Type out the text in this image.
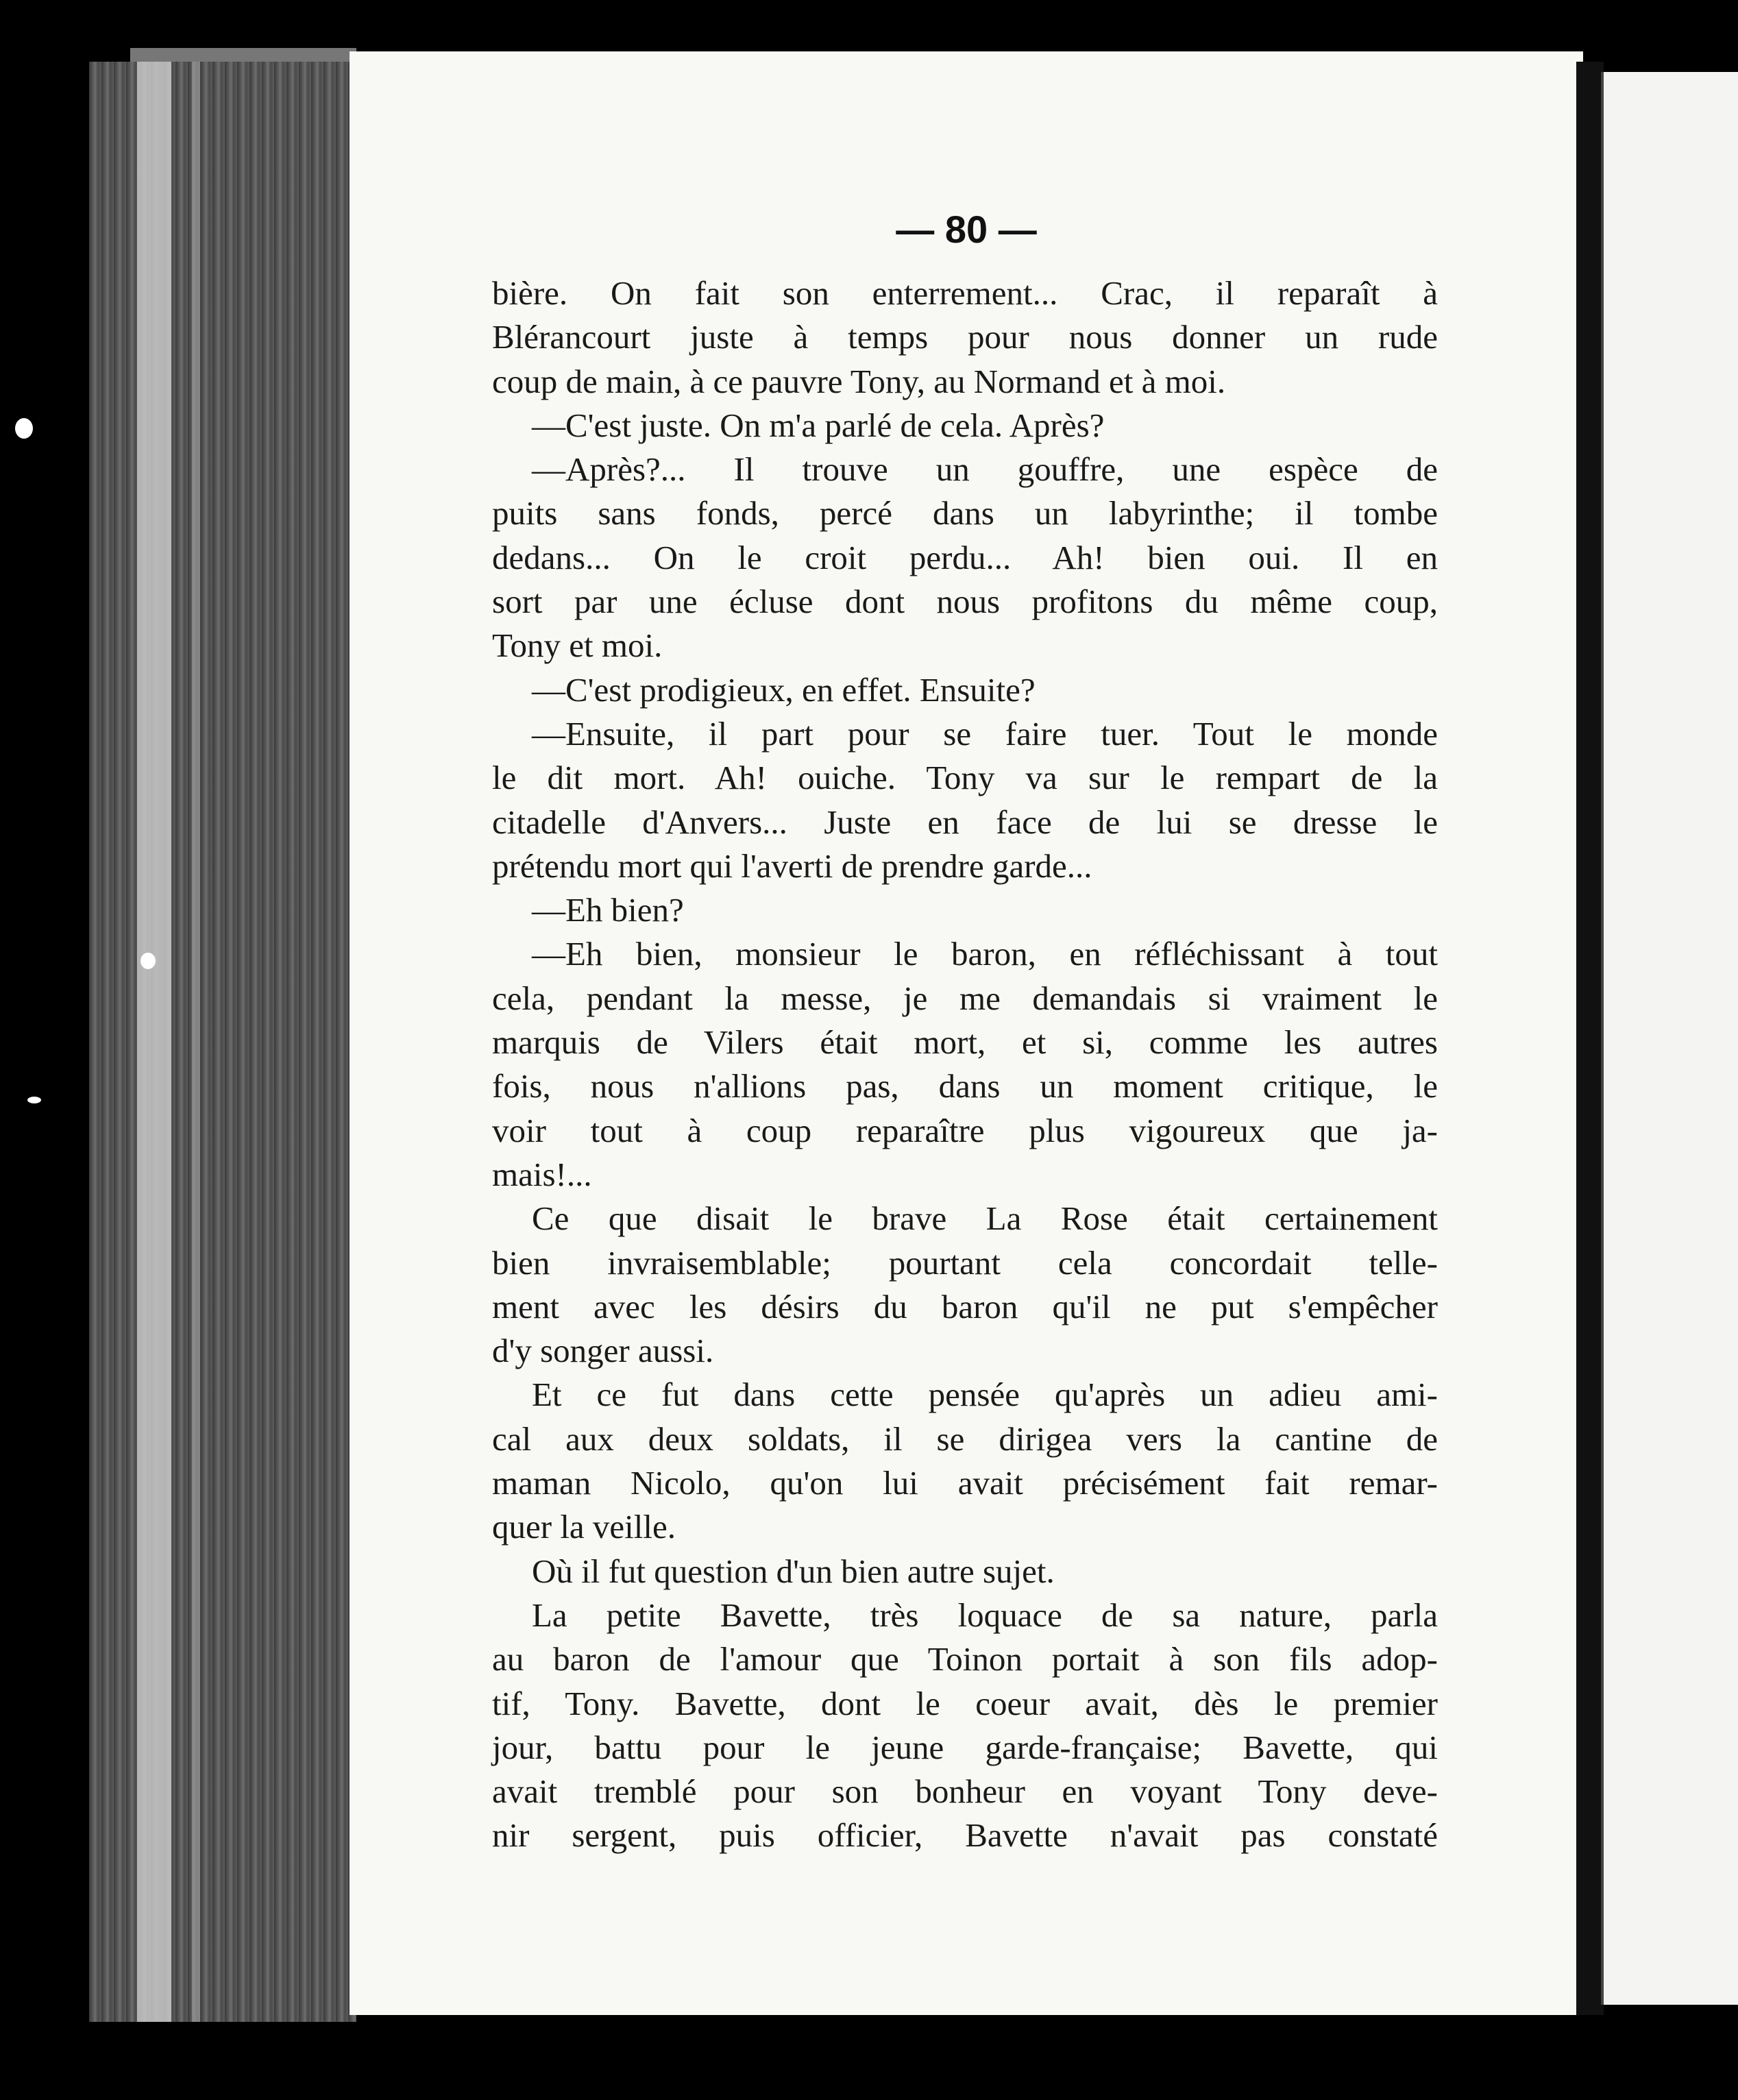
— 80 —
bière. On fait son enterrement... Crac, il reparaît à
Blérancourt juste à temps pour nous donner un rude
coup de main, à ce pauvre Tony, au Normand et à moi.
—C'est juste. On m'a parlé de cela. Après?
—Après?... Il trouve un gouffre, une espèce de
puits sans fonds, percé dans un labyrinthe; il tombe
dedans... On le croit perdu... Ah! bien oui. Il en
sort par une écluse dont nous profitons du même coup,
Tony et moi.
—C'est prodigieux, en effet. Ensuite?
—Ensuite, il part pour se faire tuer. Tout le monde
le dit mort. Ah! ouiche. Tony va sur le rempart de la
citadelle d'Anvers... Juste en face de lui se dresse le
prétendu mort qui l'averti de prendre garde...
—Eh bien?
—Eh bien, monsieur le baron, en réfléchissant à tout
cela, pendant la messe, je me demandais si vraiment le
marquis de Vilers était mort, et si, comme les autres
fois, nous n'allions pas, dans un moment critique, le
voir tout à coup reparaître plus vigoureux que ja-
mais!...
Ce que disait le brave La Rose était certainement
bien invraisemblable; pourtant cela concordait telle-
ment avec les désirs du baron qu'il ne put s'empêcher
d'y songer aussi.
Et ce fut dans cette pensée qu'après un adieu ami-
cal aux deux soldats, il se dirigea vers la cantine de
maman Nicolo, qu'on lui avait précisément fait remar-
quer la veille.
Où il fut question d'un bien autre sujet.
La petite Bavette, très loquace de sa nature, parla
au baron de l'amour que Toinon portait à son fils adop-
tif, Tony. Bavette, dont le coeur avait, dès le premier
jour, battu pour le jeune garde-française; Bavette, qui
avait tremblé pour son bonheur en voyant Tony deve-
nir sergent, puis officier, Bavette n'avait pas constaté
